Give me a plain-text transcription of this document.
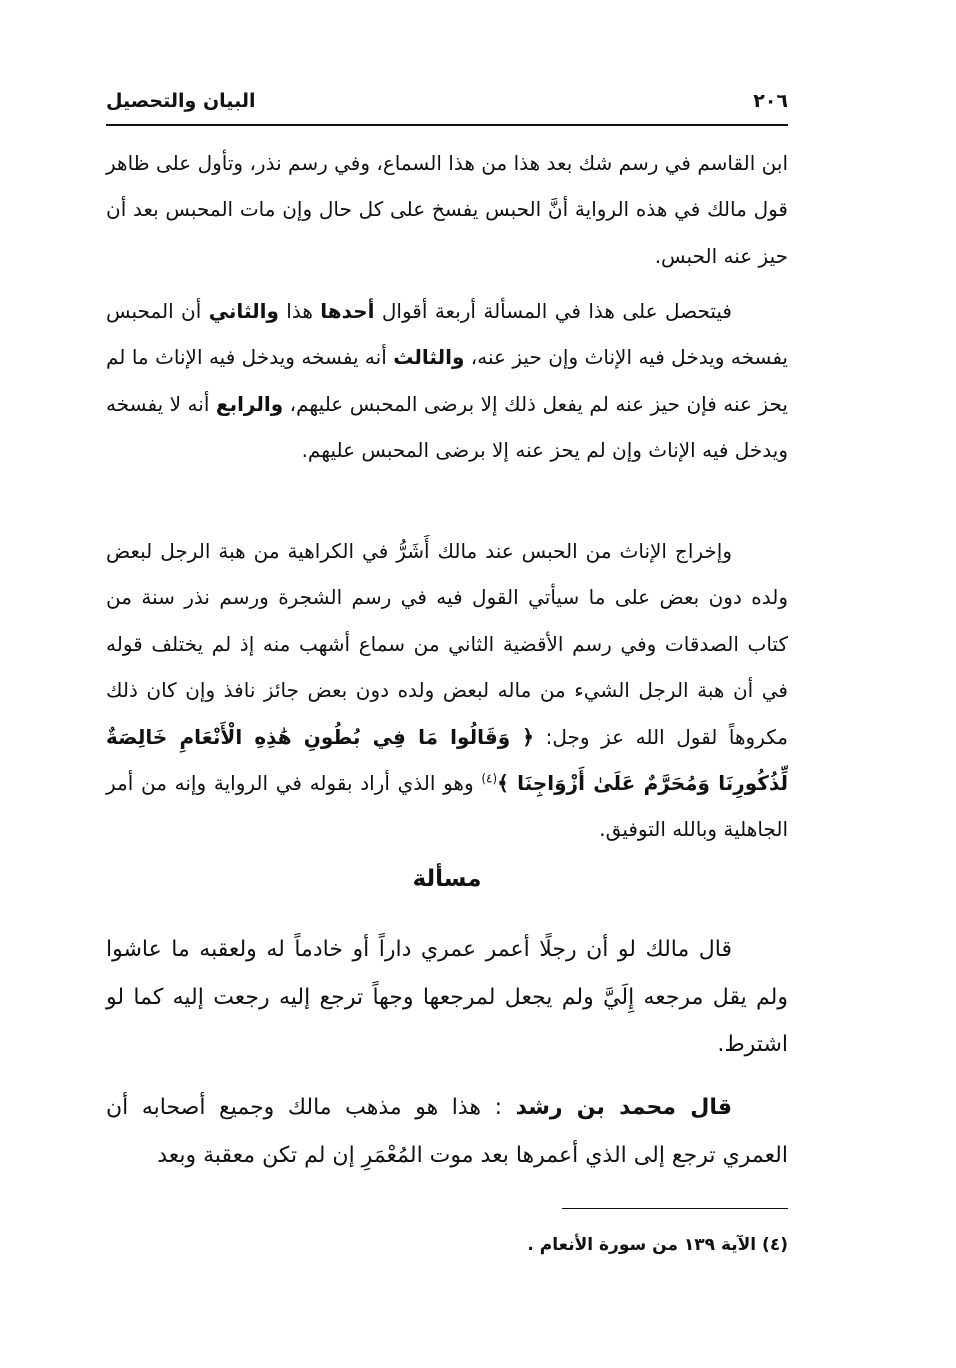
٢٠٦
البيان والتحصيل

ابن القاسم في رسم شك بعد هذا من هذا السماع، وفي رسم نذر، وتأول على ظاهر قول مالك في هذه الرواية أنَّ الحبس يفسخ على كل حال وإن مات المحبس بعد أن حيز عنه الحبس.

فيتحصل على هذا في المسألة أربعة أقوال أحدها هذا والثاني أن المحبس يفسخه ويدخل فيه الإناث وإن حيز عنه، والثالث أنه يفسخه ويدخل فيه الإناث ما لم يحز عنه فإن حيز عنه لم يفعل ذلك إلا برضى المحبس عليهم، والرابع أنه لا يفسخه ويدخل فيه الإناث وإن لم يحز عنه إلا برضى المحبس عليهم.

وإخراج الإناث من الحبس عند مالك أَشَرُّ في الكراهية من هبة الرجل لبعض ولده دون بعض على ما سيأتي القول فيه في رسم الشجرة ورسم نذر سنة من كتاب الصدقات وفي رسم الأقضية الثاني من سماع أشهب منه إذ لم يختلف قوله في أن هبة الرجل الشيء من ماله لبعض ولده دون بعض جائز نافذ وإن كان ذلك مكروهاً لقول الله عز وجل: ﴿ وَقَالُوا مَا فِي بُطُونِ هَٰذِهِ الْأَنْعَامِ خَالِصَةٌ لِّذُكُورِنَا وَمُحَرَّمٌ عَلَىٰ أَزْوَاجِنَا ﴾$^{(٤)}$ وهو الذي أراد بقوله في الرواية وإنه من أمر الجاهلية وبالله التوفيق.

مسألة

قال مالك لو أن رجلًا أعمر عمري داراً أو خادماً له ولعقبه ما عاشوا ولم يقل مرجعه إِلَيَّ ولم يجعل لمرجعها وجهاً ترجع إليه رجعت إليه كما لو اشترط.

قال محمد بن رشد : هذا هو مذهب مالك وجميع أصحابه أن العمري ترجع إلى الذي أعمرها بعد موت المُعْمَرِ إن لم تكن معقبة وبعد

(٤) الآية ١٣٩ من سورة الأنعام .
